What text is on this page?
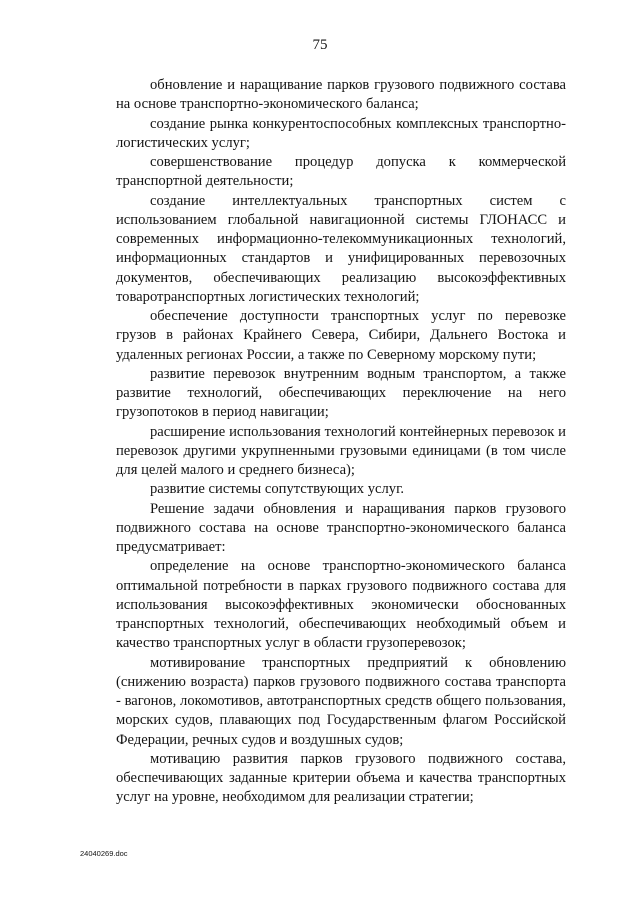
75

обновление и наращивание парков грузового подвижного состава на основе транспортно-экономического баланса;

создание рынка конкурентоспособных комплексных транспортно-логистических услуг;

совершенствование процедур допуска к коммерческой транспортной деятельности;

создание интеллектуальных транспортных систем с использованием глобальной навигационной системы ГЛОНАСС и современных информационно-телекоммуникационных технологий, информационных стандартов и унифицированных перевозочных документов, обеспечивающих реализацию высокоэффективных товаротранспортных логистических технологий;

обеспечение доступности транспортных услуг по перевозке грузов в районах Крайнего Севера, Сибири, Дальнего Востока и удаленных регионах России, а также по Северному морскому пути;

развитие перевозок внутренним водным транспортом, а также развитие технологий, обеспечивающих переключение на него грузопотоков в период навигации;

расширение использования технологий контейнерных перевозок и перевозок другими укрупненными грузовыми единицами (в том числе для целей малого и среднего бизнеса);

развитие системы сопутствующих услуг.

Решение задачи обновления и наращивания парков грузового подвижного состава на основе транспортно-экономического баланса предусматривает:

определение на основе транспортно-экономического баланса оптимальной потребности в парках грузового подвижного состава для использования высокоэффективных экономически обоснованных транспортных технологий, обеспечивающих необходимый объем и качество транспортных услуг в области грузоперевозок;

мотивирование транспортных предприятий к обновлению (снижению возраста) парков грузового подвижного состава транспорта - вагонов, локомотивов, автотранспортных средств общего пользования, морских судов, плавающих под Государственным флагом Российской Федерации, речных судов и воздушных судов;

мотивацию развития парков грузового подвижного состава, обеспечивающих заданные критерии объема и качества транспортных услуг на уровне, необходимом для реализации стратегии;

24040269.doc
